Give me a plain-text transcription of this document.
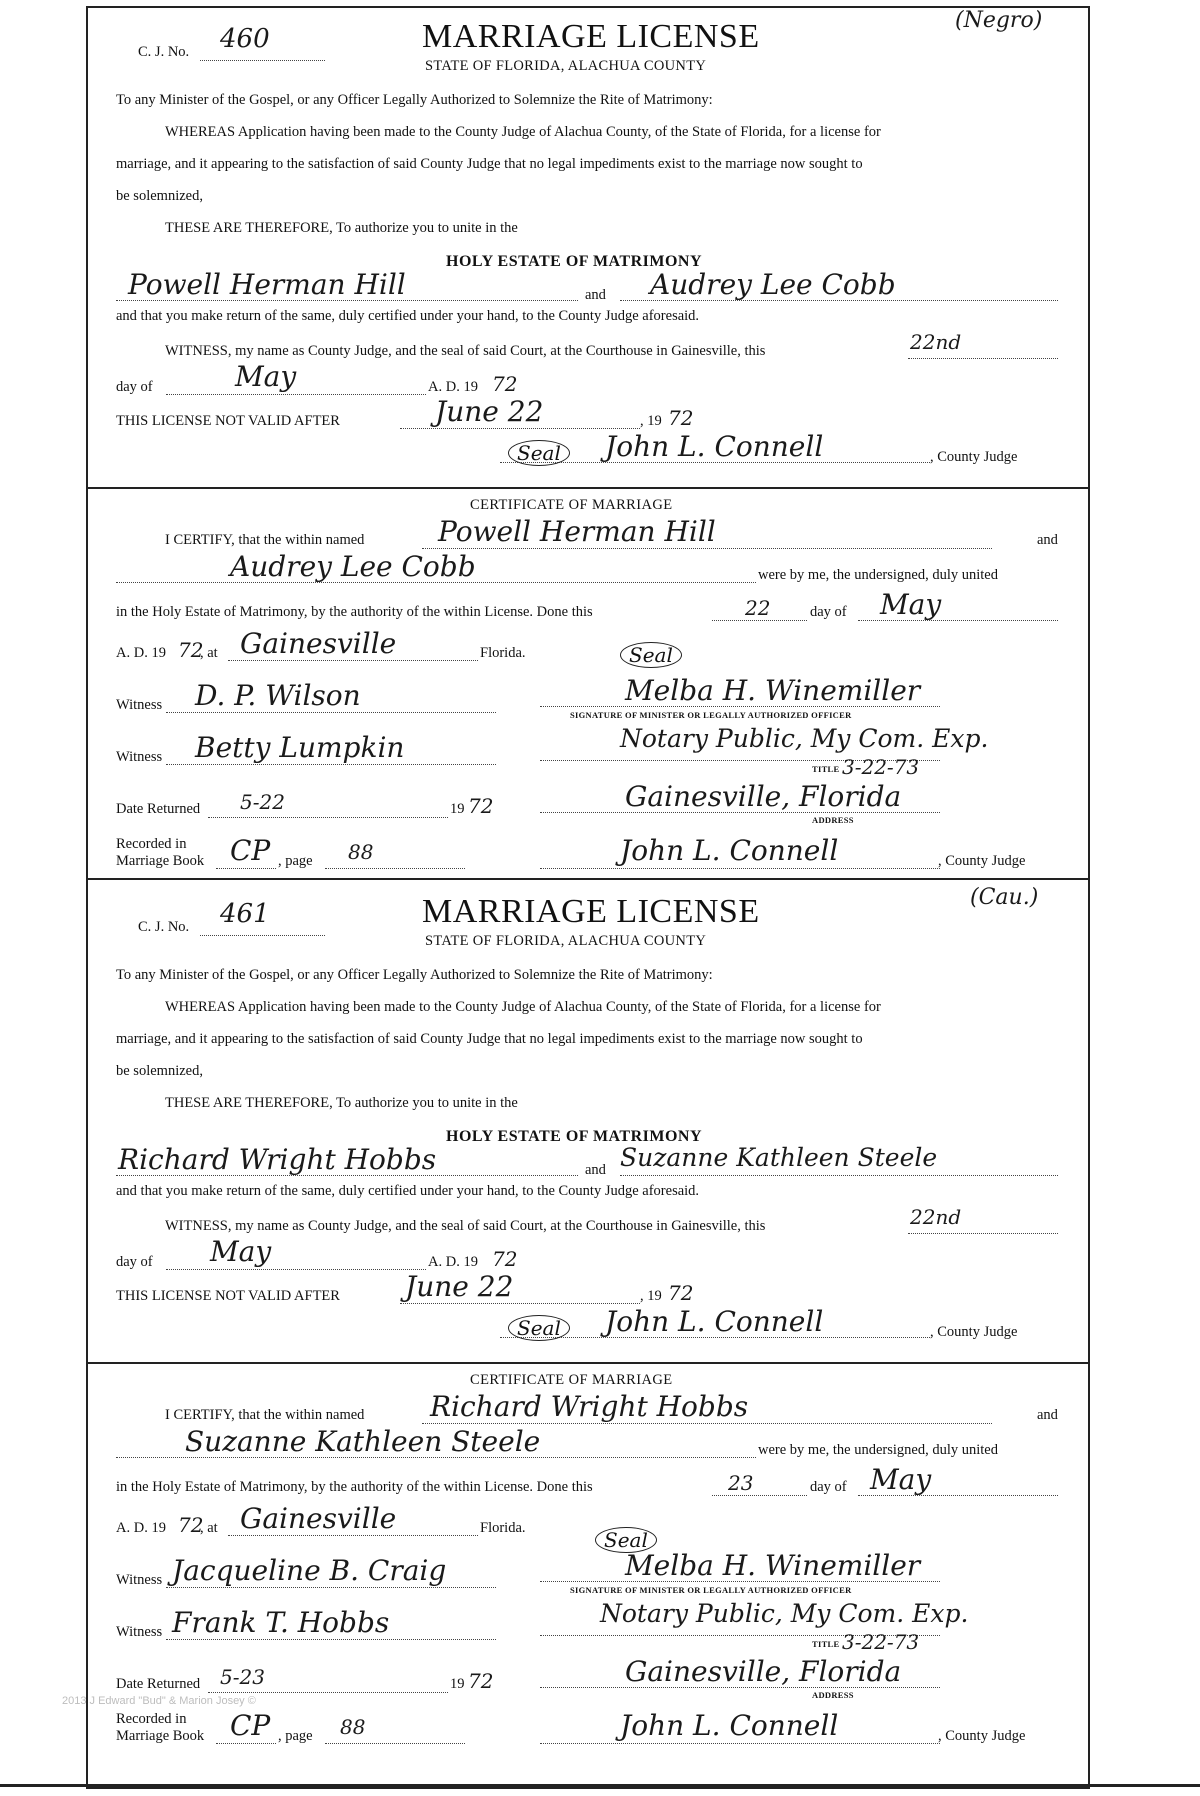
2013 J Edward "Bud" & Marion Josey ©
C. J. No. 460	MARRIAGE LICENSE
STATE OF FLORIDA, ALACHUA COUNTY
(Negro)
To any Minister of the Gospel, or any Officer Legally Authorized to Solemnize the Rite of Matrimony:
WHEREAS Application having been made to the County Judge of Alachua County, of the State of Florida, for a license for
marriage, and it appearing to the satisfaction of said County Judge that no legal impediments exist to the marriage now sought to
be solemnized,
THESE ARE THEREFORE, To authorize you to unite in the
HOLY ESTATE OF MATRIMONY
Powell Herman Hill	and Audrey Lee Cobb
and that you make return of the same, duly certified under your hand, to the County Judge aforesaid.
WITNESS, my name as County Judge, and the seal of said Court, at the Courthouse in Gainesville, this	22nd
day of	May	A. D. 19 72
THIS LICENSE NOT VALID AFTER	June 22	, 19 72
Seal	John L. Connell	, County Judge
CERTIFICATE OF MARRIAGE
I CERTIFY, that the within named	Powell Herman Hill	and
Audrey Lee Cobb	were by me, the undersigned, duly united
in the Holy Estate of Matrimony, by the authority of the within License. Done this	22	day of May
A. D. 19 72
, at Gainesville	Florida.	Seal
Witness D. P. Wilson	Melba H. Winemiller
SIGNATURE OF MINISTER OR LEGALLY AUTHORIZED OFFICER
Witness Betty Lumpkin	Notary Public, My Com. Exp.
TITLE 3-22-73
Date Returned 5-22	19 72	Gainesville, Florida
ADDRESS
Recorded in
Marriage Book CP , page 88	John L. Connell	, County Judge
C. J. No. 461	MARRIAGE LICENSE
STATE OF FLORIDA, ALACHUA COUNTY
(Cau.)
To any Minister of the Gospel, or any Officer Legally Authorized to Solemnize the Rite of Matrimony:
WHEREAS Application having been made to the County Judge of Alachua County, of the State of Florida, for a license for
marriage, and it appearing to the satisfaction of said County Judge that no legal impediments exist to the marriage now sought to
be solemnized,
THESE ARE THEREFORE, To authorize you to unite in the
HOLY ESTATE OF MATRIMONY
Richard Wright Hobbs	and Suzanne Kathleen Steele
and that you make return of the same, duly certified under your hand, to the County Judge aforesaid.
WITNESS, my name as County Judge, and the seal of said Court, at the Courthouse in Gainesville, this	22nd
day of May	A. D. 19 72
THIS LICENSE NOT VALID AFTER June 22	, 19 72
Seal	John L. Connell	, County Judge
CERTIFICATE OF MARRIAGE
I CERTIFY, that the within named Richard Wright Hobbs	and
Suzanne Kathleen Steele	were by me, the undersigned, duly united
in the Holy Estate of Matrimony, by the authority of the within License. Done this	23	day of May
A. D. 19 72
, at Gainesville	Florida.	Seal
Witness Jacqueline B. Craig	Melba H. Winemiller
SIGNATURE OF MINISTER OR LEGALLY AUTHORIZED OFFICER
Witness Frank T. Hobbs	Notary Public, My Com. Exp.
TITLE 3-22-73
Date Returned 5-23	19 72	Gainesville, Florida
ADDRESS
Recorded in
Marriage Book CP , page 88	John L. Connell	, County Judge
